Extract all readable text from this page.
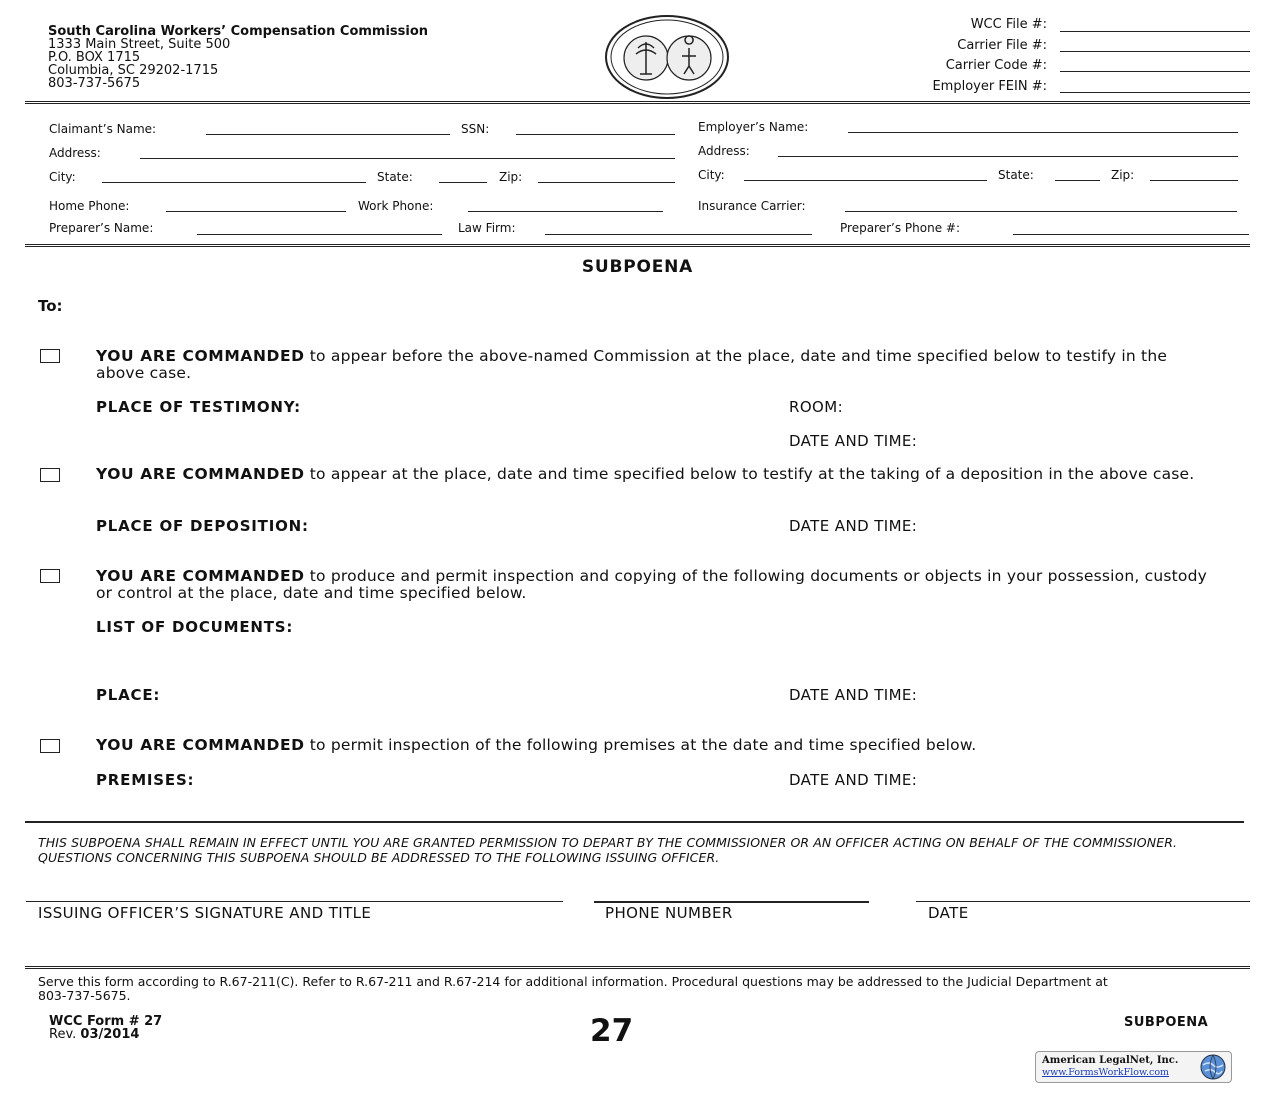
South Carolina Workers’ Compensation Commission
1333 Main Street, Suite 500
P.O. BOX 1715
Columbia, SC 29202-1715
803-737-5675
WCC File #:
Carrier File #:
Carrier Code #:
Employer FEIN #:
Claimant’s Name:	SSN:
Address:
City:	State:	Zip:
Home Phone:	Work Phone:
Employer’s Name:
Address:
City:	State:	Zip:
Insurance Carrier:
Preparer’s Name:	Law Firm:	Preparer’s Phone #:
SUBPOENA
To:
YOU ARE COMMANDED to appear before the above-named Commission at the place, date and time specified below to testify in the above case.
PLACE OF TESTIMONY:	ROOM:
DATE AND TIME:
YOU ARE COMMANDED to appear at the place, date and time specified below to testify at the taking of a deposition in the above case.
PLACE OF DEPOSITION:	DATE AND TIME:
YOU ARE COMMANDED to produce and permit inspection and copying of the following documents or objects in your possession, custody or control at the place, date and time specified below.
LIST OF DOCUMENTS:
PLACE:	DATE AND TIME:
YOU ARE COMMANDED to permit inspection of the following premises at the date and time specified below.
PREMISES:	DATE AND TIME:
THIS SUBPOENA SHALL REMAIN IN EFFECT UNTIL YOU ARE GRANTED PERMISSION TO DEPART BY THE COMMISSIONER OR AN OFFICER ACTING ON BEHALF OF THE COMMISSIONER. QUESTIONS CONCERNING THIS SUBPOENA SHOULD BE ADDRESSED TO THE FOLLOWING ISSUING OFFICER.
ISSUING OFFICER’S SIGNATURE AND TITLE	PHONE NUMBER	DATE
Serve this form according to R.67-211(C). Refer to R.67-211 and R.67-214 for additional information. Procedural questions may be addressed to the Judicial Department at 803-737-5675.
WCC Form # 27
Rev. 03/2014	27	SUBPOENA
American LegalNet, Inc.
www.FormsWorkFlow.com
